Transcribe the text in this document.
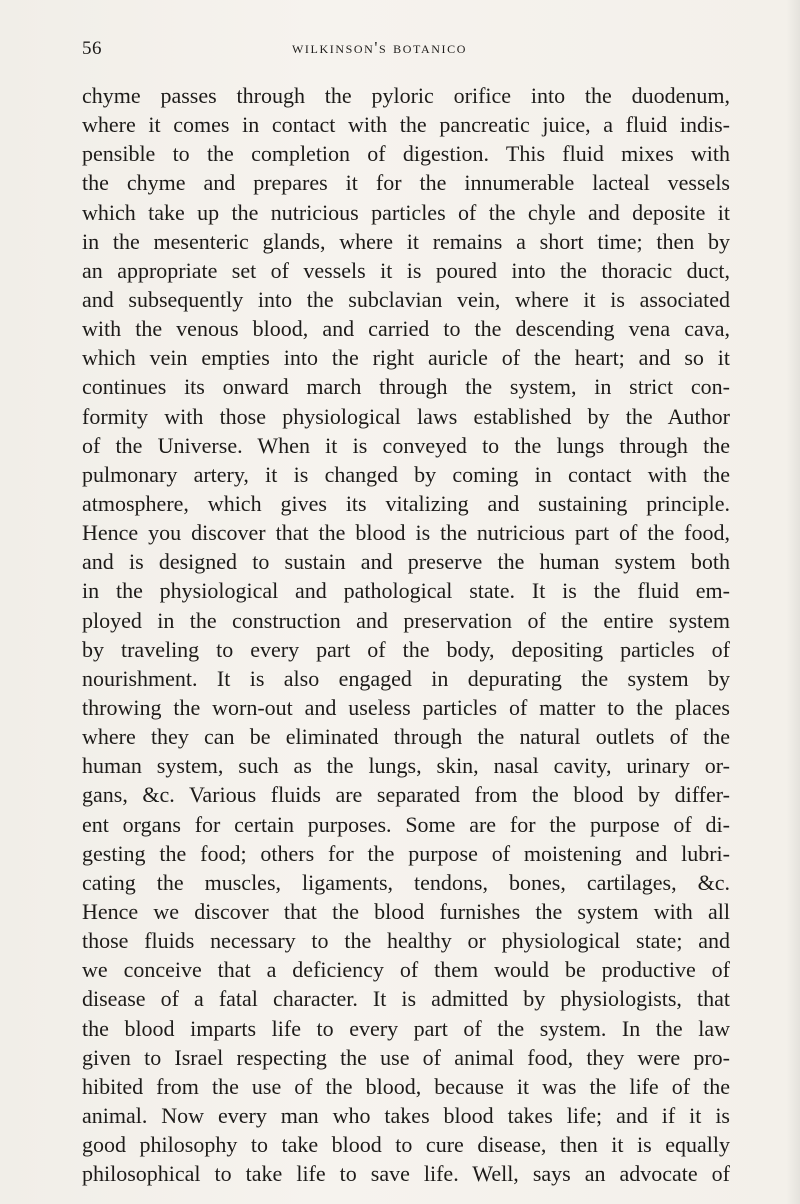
56	wilkinson's botanico
chyme passes through the pyloric orifice into the duodenum,
where it comes in contact with the pancreatic juice, a fluid indis-
pensible to the completion of digestion. This fluid mixes with
the chyme and prepares it for the innumerable lacteal vessels
which take up the nutricious particles of the chyle and deposite it
in the mesenteric glands, where it remains a short time; then by
an appropriate set of vessels it is poured into the thoracic duct,
and subsequently into the subclavian vein, where it is associated
with the venous blood, and carried to the descending vena cava,
which vein empties into the right auricle of the heart; and so it
continues its onward march through the system, in strict con-
formity with those physiological laws established by the Author
of the Universe. When it is conveyed to the lungs through the
pulmonary artery, it is changed by coming in contact with the
atmosphere, which gives its vitalizing and sustaining principle.
Hence you discover that the blood is the nutricious part of the food,
and is designed to sustain and preserve the human system both
in the physiological and pathological state. It is the fluid em-
ployed in the construction and preservation of the entire system
by traveling to every part of the body, depositing particles of
nourishment. It is also engaged in depurating the system by
throwing the worn-out and useless particles of matter to the places
where they can be eliminated through the natural outlets of the
human system, such as the lungs, skin, nasal cavity, urinary or-
gans, &c. Various fluids are separated from the blood by differ-
ent organs for certain purposes. Some are for the purpose of di-
gesting the food; others for the purpose of moistening and lubri-
cating the muscles, ligaments, tendons, bones, cartilages, &c.
Hence we discover that the blood furnishes the system with all
those fluids necessary to the healthy or physiological state; and
we conceive that a deficiency of them would be productive of
disease of a fatal character. It is admitted by physiologists, that
the blood imparts life to every part of the system. In the law
given to Israel respecting the use of animal food, they were pro-
hibited from the use of the blood, because it was the life of the
animal. Now every man who takes blood takes life; and if it is
good philosophy to take blood to cure disease, then it is equally
philosophical to take life to save life. Well, says an advocate of
